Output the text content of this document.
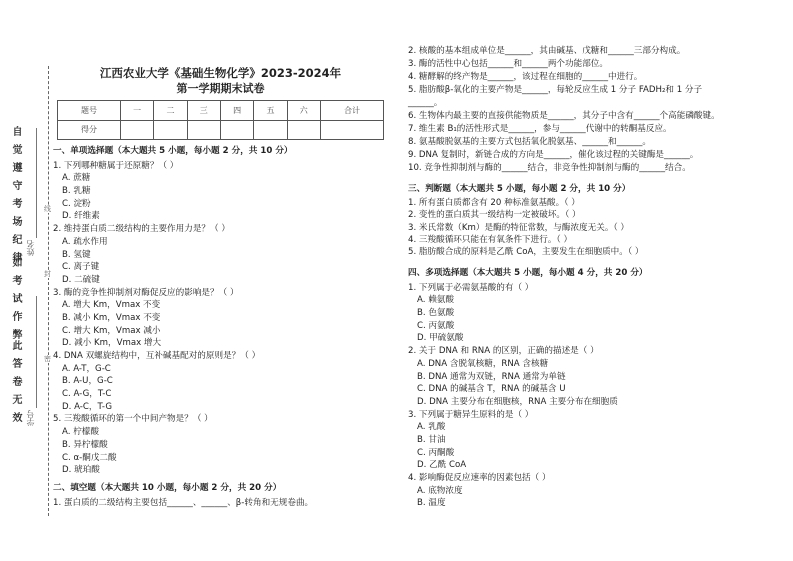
自觉遵守考场纪律
如考试作弊
此答卷无效
姓名
学号
线
封
密
江西农业大学《基础生物化学》2023-2024年
第一学期期末试卷
题号	一	二	三	四	五	六	合计
得分							
一、单项选择题（本大题共 5 小题，每小题 2 分，共 10 分）
1. 下列哪种糖属于还原糖？（ ）
A. 蔗糖
B. 乳糖
C. 淀粉
D. 纤维素
2. 维持蛋白质二级结构的主要作用力是？（ ）
A. 疏水作用
B. 氢键
C. 离子键
D. 二硫键
3. 酶的竞争性抑制剂对酶促反应的影响是？（ ）
A. 增大 Km，Vmax 不变
B. 减小 Km，Vmax 不变
C. 增大 Km，Vmax 减小
D. 减小 Km，Vmax 增大
4. DNA 双螺旋结构中，互补碱基配对的原则是？（ ）
A. A-T，G-C
B. A-U，G-C
C. A-G，T-C
D. A-C，T-G
5. 三羧酸循环的第一个中间产物是？（ ）
A. 柠檬酸
B. 异柠檬酸
C. α-酮戊二酸
D. 琥珀酸
二、填空题（本大题共 10 小题，每小题 2 分，共 20 分）
1. 蛋白质的二级结构主要包括______、______、β-转角和无规卷曲。
2. 核酸的基本组成单位是______，其由碱基、戊糖和______三部分构成。
3. 酶的活性中心包括______和______两个功能部位。
4. 糖酵解的终产物是______，该过程在细胞的______中进行。
5. 脂肪酸β-氧化的主要产物是______，每轮反应生成 1 分子 FADH₂和 1 分子
______。
6. 生物体内最主要的直接供能物质是______，其分子中含有______个高能磷酸键。
7. 维生素 B₁的活性形式是______，参与______代谢中的转酮基反应。
8. 氨基酸脱氨基的主要方式包括氧化脱氨基、______和______。
9. DNA 复制时，新链合成的方向是______，催化该过程的关键酶是______。
10. 竞争性抑制剂与酶的______结合，非竞争性抑制剂与酶的______结合。
三、判断题（本大题共 5 小题，每小题 2 分，共 10 分）
1. 所有蛋白质都含有 20 种标准氨基酸。（ ）
2. 变性的蛋白质其一级结构一定被破坏。（ ）
3. 米氏常数（Km）是酶的特征常数，与酶浓度无关。（ ）
4. 三羧酸循环只能在有氧条件下进行。（ ）
5. 脂肪酸合成的原料是乙酰 CoA，主要发生在细胞质中。（ ）
四、多项选择题（本大题共 5 小题，每小题 4 分，共 20 分）
1. 下列属于必需氨基酸的有（ ）
A. 赖氨酸
B. 色氨酸
C. 丙氨酸
D. 甲硫氨酸
2. 关于 DNA 和 RNA 的区别，正确的描述是（ ）
A. DNA 含脱氧核糖，RNA 含核糖
B. DNA 通常为双链，RNA 通常为单链
C. DNA 的碱基含 T，RNA 的碱基含 U
D. DNA 主要分布在细胞核，RNA 主要分布在细胞质
3. 下列属于糖异生原料的是（ ）
A. 乳酸
B. 甘油
C. 丙酮酸
D. 乙酰 CoA
4. 影响酶促反应速率的因素包括（ ）
A. 底物浓度
B. 温度
